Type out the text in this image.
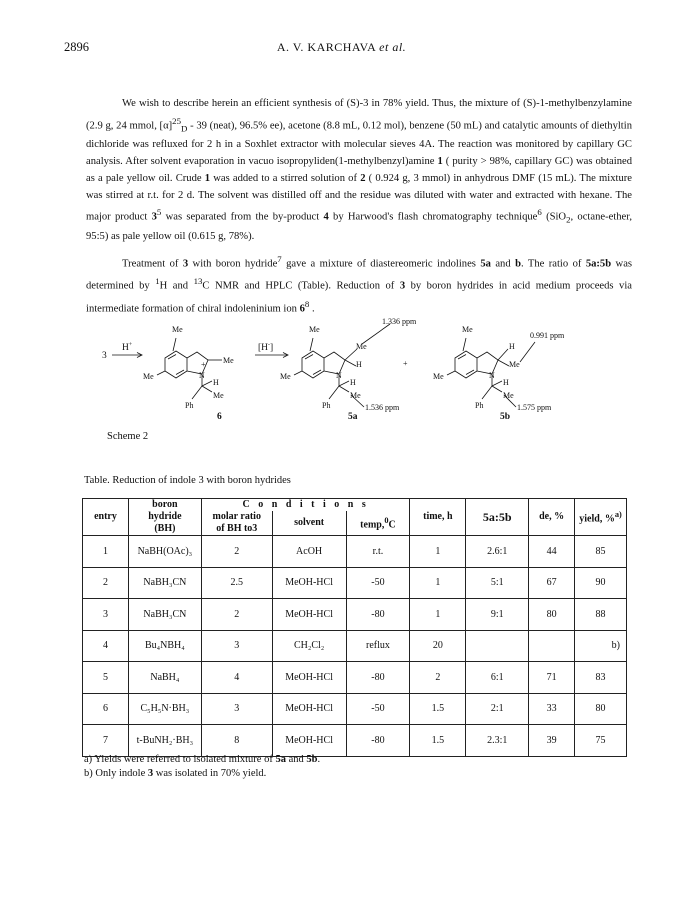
2896	A. V. KARCHAVA et al.

We wish to describe herein an efficient synthesis of (S)-3 in 78% yield. Thus, the mixture of (S)-1-methylbenzylamine (2.9 g, 24 mmol, $[\alpha]^{25}_D - 39$ (neat), 96.5% ee), acetone (8.8 mL, 0.12 mol), benzene (50 mL) and catalytic amounts of diethyltin dichloride was refluxed for 2 h in a Soxhlet extractor with molecular sieves 4A. The reaction was monitored by capillary GC analysis. After solvent evaporation in vacuo isopropyliden(1-methylbenzyl)amine 1 ( purity > 98%, capillary GC) was obtained as a pale yellow oil. Crude 1 was added to a stirred solution of 2 ( 0.924 g, 3 mmol) in anhydrous DMF (15 mL). The mixture was stirred at r.t. for 2 d. The solvent was distilled off and the residue was diluted with water and extracted with hexane. The major product $3^5$ was separated from the by-product 4 by Harwood's flash chromatography technique$^6$ (SiO$_2$, octane-ether, 95:5) as pale yellow oil (0.615 g, 78%).

Treatment of 3 with boron hydride$^7$ gave a mixture of diastereomeric indolines 5a and b. The ratio of 5a:5b was determined by $^1$H and $^{13}$C NMR and HPLC (Table). Reduction of 3 by boron hydrides in acid medium proceeds via intermediate formation of chiral indoleninium ion $6^8$ .

3
H+
Me
Me
Me
+
N
H
Me
Ph
6
[H-]
1.336 ppm
Me
Me
Me
H
N
H
Me
Ph	1.536 ppm
5a
+
0.991 ppm
Me
Me
H
Me
N
H
Me
Ph	1.575 ppm
5b
Scheme 2
Table. Reduction of indole 3 with boron hydrides
entry	boron
hydride
(BH)	C o n d i t i o n s			time, h	5a:5b	de, %	yield, %$^{a)}$

		molar ratio
of BH to3	solvent	temp,$^0$C				
1	NaBH(OAc)₃	2	AcOH	r.t.	1	2.6:1	44	85
2	NaBH₃CN	2.5	MeOH-HCl	-50	1	5:1	67	90
3	NaBH₃CN	2	MeOH-HCl	-80	1	9:1	80	88
4	Bu₄NBH₄	3	CH₂Cl₂	reflux	20			b)
5	NaBH₄	4	MeOH-HCl	-80	2	6:1	71	83
6	C₅H₅N·BH₃	3	MeOH-HCl	-50	1.5	2:1	33	80
7	t-BuNH₂·BH₃	8	MeOH-HCl	-80	1.5	2.3:1	39	75
a) Yields were referred to isolated mixture of 5a and 5b.
b) Only indole 3 was isolated in 70% yield.
